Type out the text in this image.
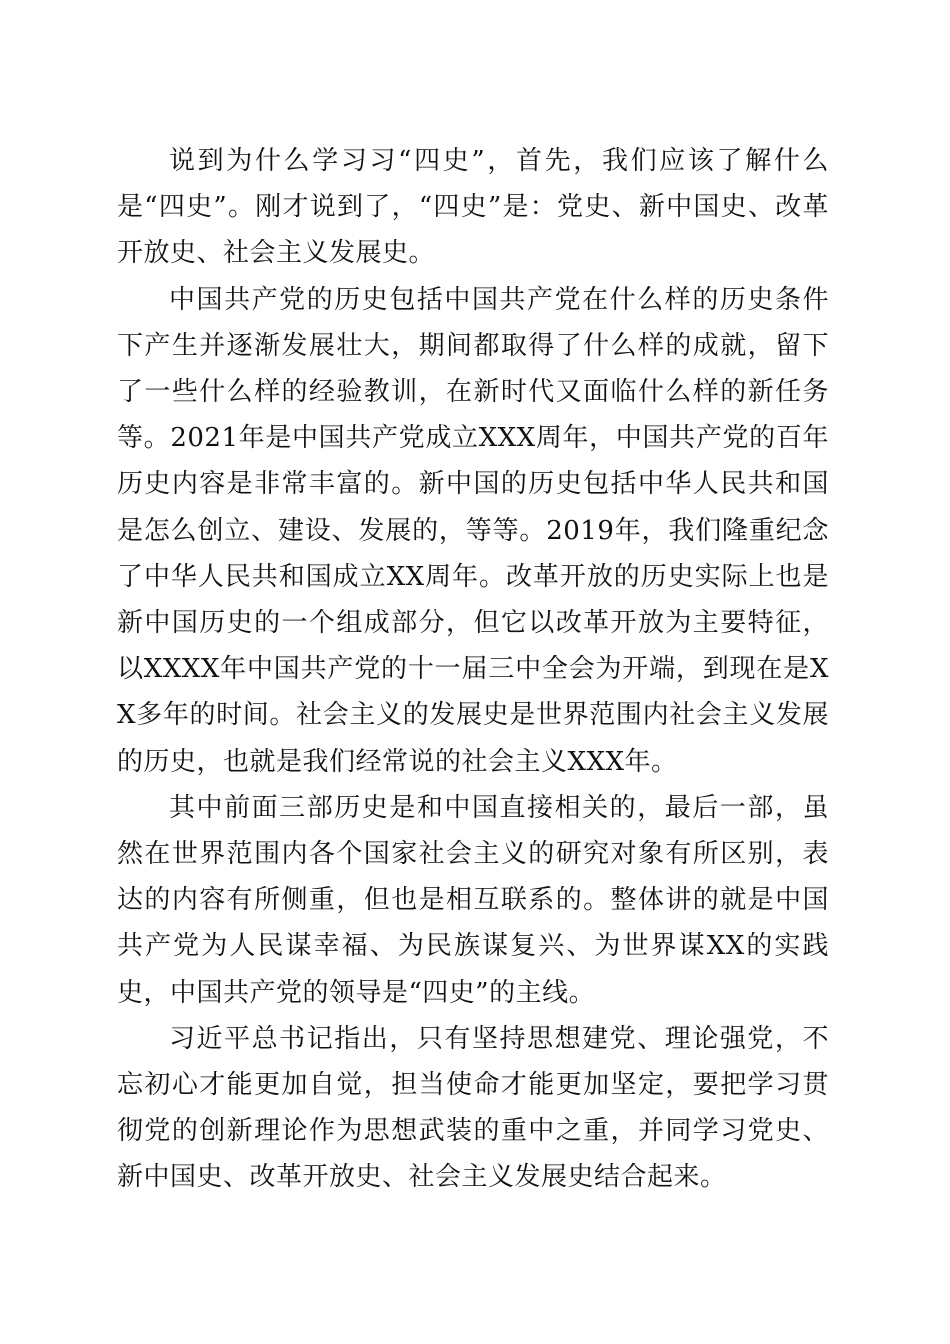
说到为什么学习习“四史”，首先，我们应该了解什么是“四史”。刚才说到了，“四史”是：党史、新中国史、改革开放史、社会主义发展史。

中国共产党的历史包括中国共产党在什么样的历史条件下产生并逐渐发展壮大，期间都取得了什么样的成就，留下了一些什么样的经验教训，在新时代又面临什么样的新任务等。2021年是中国共产党成立XXX周年，中国共产党的百年历史内容是非常丰富的。新中国的历史包括中华人民共和国是怎么创立、建设、发展的，等等。2019年，我们隆重纪念了中华人民共和国成立XX周年。改革开放的历史实际上也是新中国历史的一个组成部分，但它以改革开放为主要特征，以XXXX年中国共产党的十一届三中全会为开端，到现在是XX多年的时间。社会主义的发展史是世界范围内社会主义发展的历史，也就是我们经常说的社会主义XXX年。

其中前面三部历史是和中国直接相关的，最后一部，虽然在世界范围内各个国家社会主义的研究对象有所区别，表达的内容有所侧重，但也是相互联系的。整体讲的就是中国共产党为人民谋幸福、为民族谋复兴、为世界谋XX的实践史，中国共产党的领导是“四史”的主线。

习近平总书记指出，只有坚持思想建党、理论强党，不忘初心才能更加自觉，担当使命才能更加坚定，要把学习贯彻党的创新理论作为思想武装的重中之重，并同学习党史、新中国史、改革开放史、社会主义发展史结合起来。
